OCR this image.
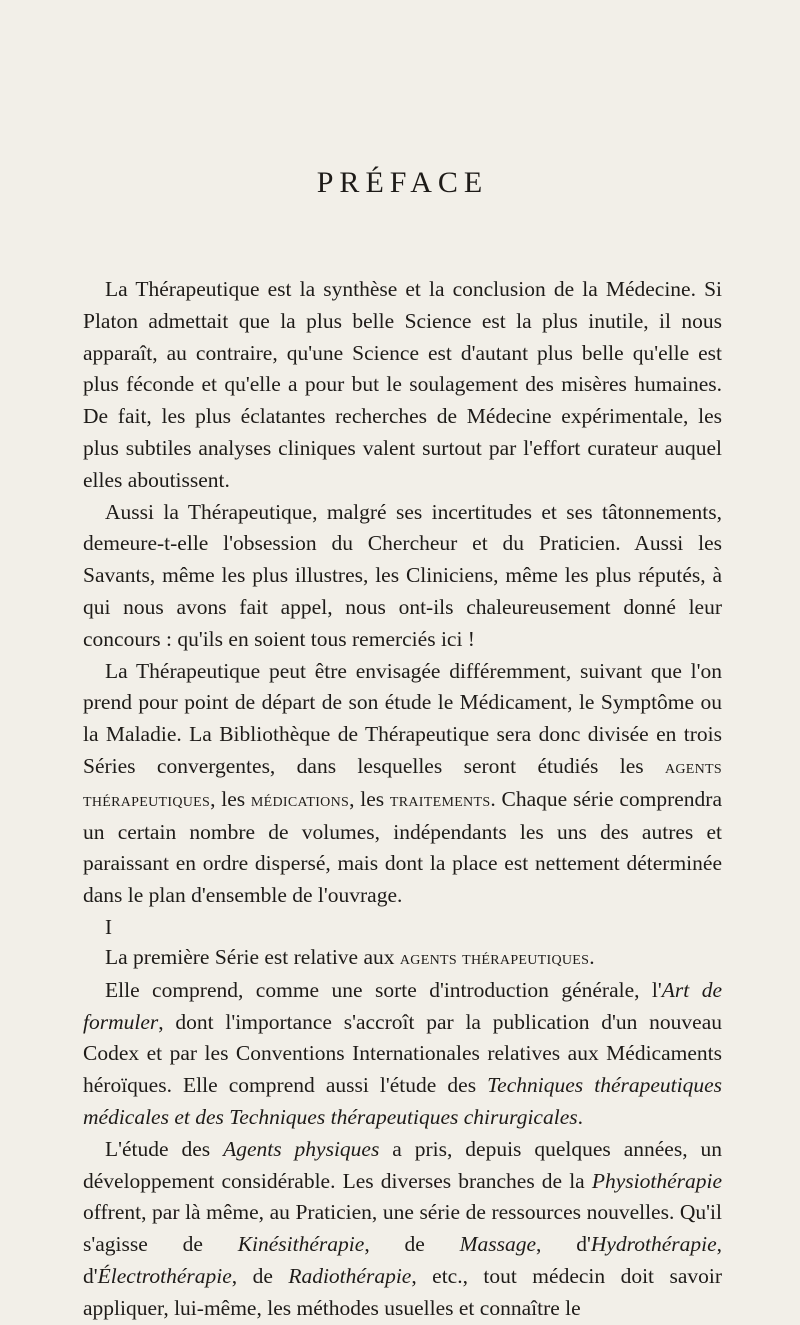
PRÉFACE

La Thérapeutique est la synthèse et la conclusion de la Médecine. Si Platon admettait que la plus belle Science est la plus inutile, il nous apparaît, au contraire, qu'une Science est d'autant plus belle qu'elle est plus féconde et qu'elle a pour but le soulagement des misères humaines. De fait, les plus éclatantes recherches de Médecine expérimentale, les plus subtiles analyses cliniques valent surtout par l'effort curateur auquel elles aboutissent.

Aussi la Thérapeutique, malgré ses incertitudes et ses tâtonnements, demeure-t-elle l'obsession du Chercheur et du Praticien. Aussi les Savants, même les plus illustres, les Cliniciens, même les plus réputés, à qui nous avons fait appel, nous ont-ils chaleureusement donné leur concours : qu'ils en soient tous remerciés ici !

La Thérapeutique peut être envisagée différemment, suivant que l'on prend pour point de départ de son étude le Médicament, le Symptôme ou la Maladie. La Bibliothèque de Thérapeutique sera donc divisée en trois Séries convergentes, dans lesquelles seront étudiés les agents thérapeutiques, les médications, les traitements. Chaque série comprendra un certain nombre de volumes, indépendants les uns des autres et paraissant en ordre dispersé, mais dont la place est nettement déterminée dans le plan d'ensemble de l'ouvrage.

I

La première Série est relative aux agents thérapeutiques.

Elle comprend, comme une sorte d'introduction générale, l'Art de formuler, dont l'importance s'accroît par la publication d'un nouveau Codex et par les Conventions Internationales relatives aux Médicaments héroïques. Elle comprend aussi l'étude des Techniques thérapeutiques médicales et des Techniques thérapeutiques chirurgicales.

L'étude des Agents physiques a pris, depuis quelques années, un développement considérable. Les diverses branches de la Physiothérapie offrent, par là même, au Praticien, une série de ressources nouvelles. Qu'il s'agisse de Kinésithérapie, de Massage, d'Hydrothérapie, d'Électrothérapie, de Radiothérapie, etc., tout médecin doit savoir appliquer, lui-même, les méthodes usuelles et connaître le
